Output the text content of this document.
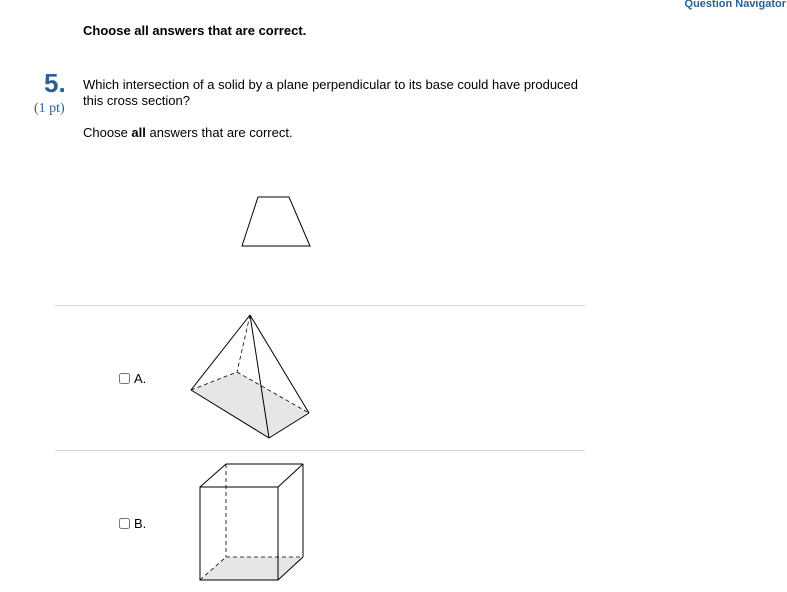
Question Navigator
Choose all answers that are correct.
5.
(1 pt)
Which intersection of a solid by a plane perpendicular to its base could have produced this cross section?
Choose all answers that are correct.
A.
B.
